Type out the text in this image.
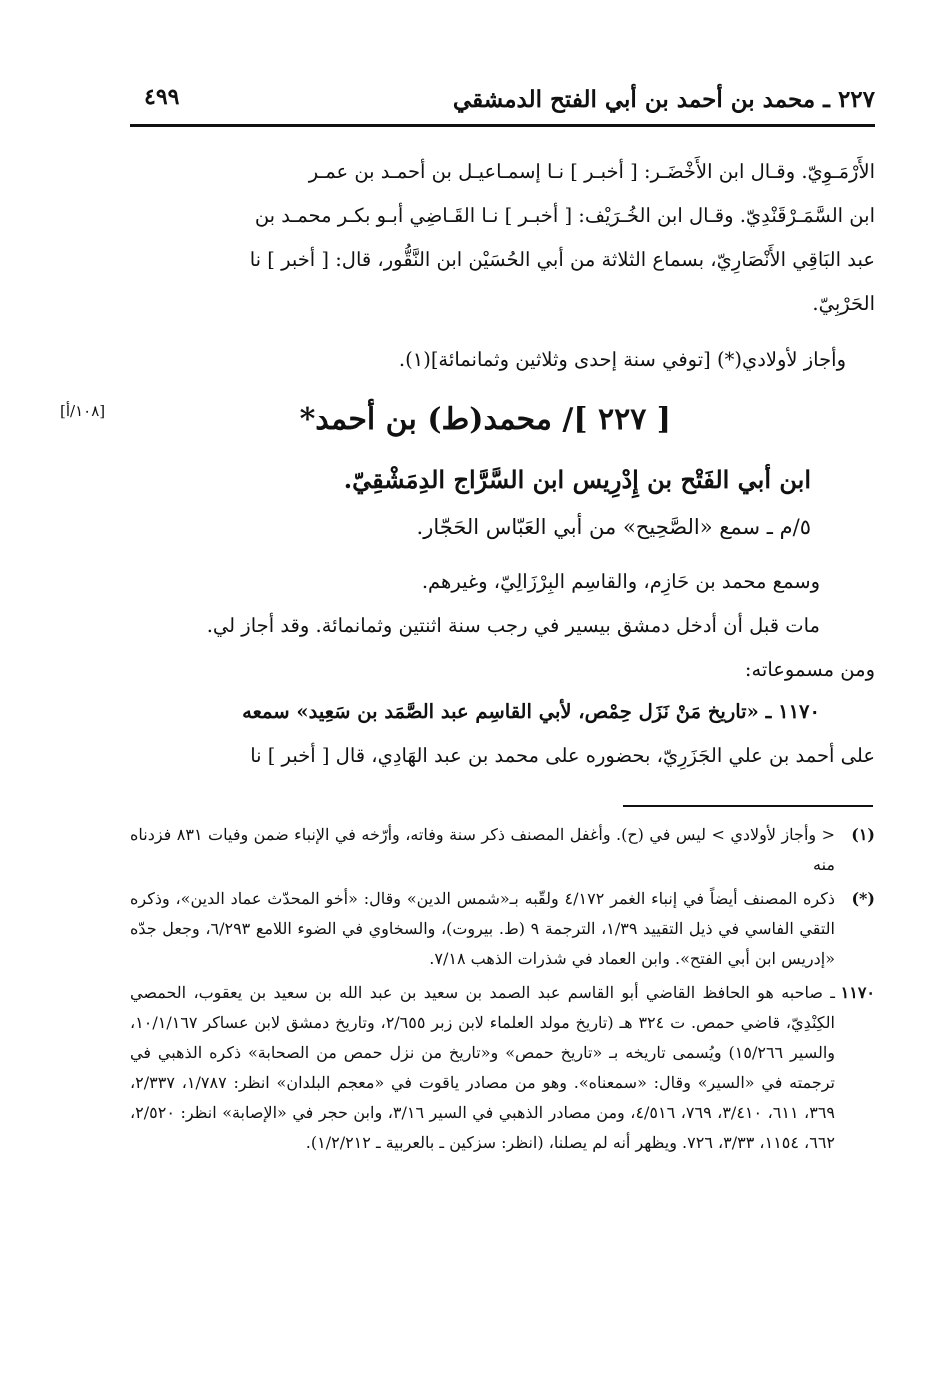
٢٢٧ ـ محمد بن أحمد بن أبي الفتح الدمشقي
٤٩٩
الأَرْمَـوِيّ. وقـال ابن الأَخْضَـر: [ أخبـر ] نـا إسمـاعيـل بن أحمـد بن عمـر
ابن السَّمَـرْقَنْدِيّ. وقـال ابن الخُـرَيْف: [ أخبـر ] نـا القَـاضِي أبـو بكـر محمـد بن
عبد البَاقِي الأَنْصَارِيّ، بسماع الثلاثة من أبي الحُسَيْن ابن النَّقُّور، قال: [ أخبر ] نا
الحَرْبِيّ.
وأجاز لأولادي(*) [توفي سنة إحدى وثلاثين وثمانمائة](١).
[ ٢٢٧ ]/ محمد(ط) بن أحمد*
[١٠٨/أ]
ابن أبي الفَتْح بن إِدْرِيس ابن السَّرَّاج الدِمَشْقِيّ.
٥/م ـ سمع «الصَّحِيح» من أبي العَبّاس الحَجّار.
وسمع محمد بن حَازِم، والقاسِم البِرْزَالِيّ، وغيرهم.
مات قبل أن أدخل دمشق بيسير في رجب سنة اثنتين وثمانمائة. وقد أجاز لي.
ومن مسموعاته:
١١٧٠ ـ «تاريخ مَنْ نَزَل حِمْص، لأبي القاسِم عبد الصَّمَد بن سَعِيد» سمعه
على أحمد بن علي الجَزَرِيّ، بحضوره على محمد بن عبد الهَادِي، قال [ أخبر ] نا
(١)
< وأجاز لأولادي > ليس في (ح). وأغفل المصنف ذكر سنة وفاته، وأرّخه في الإنباء ضمن وفيات ٨٣١ فزدناه منه
(*)
ذكره المصنف أيضاً في إنباء الغمر ٤/١٧٢ ولقّبه بـ«شمس الدين» وقال: «أخو المحدّث عماد الدين»، وذكره التقي الفاسي في ذيل التقييد ١/٣٩، الترجمة ٩ (ط. بيروت)، والسخاوي في الضوء اللامع ٦/٢٩٣، وجعل جدّه «إدريس ابن أبي الفتح». وابن العماد في شذرات الذهب ٧/١٨.
١١٧٠
ـ صاحبه هو الحافظ القاضي أبو القاسم عبد الصمد بن سعيد بن عبد الله بن سعيد بن يعقوب، الحمصي الكِنْدِيّ، قاضي حمص. ت ٣٢٤ هـ (تاريخ مولد العلماء لابن زبر ٢/٦٥٥، وتاريخ دمشق لابن عساكر ١٠/١/١٦٧، والسير ١٥/٢٦٦) ويُسمى تاريخه بـ «تاريخ حمص» و«تاريخ من نزل حمص من الصحابة» ذكره الذهبي في ترجمته في «السير» وقال: «سمعناه». وهو من مصادر ياقوت في «معجم البلدان» انظر: ١/٧٨٧، ٢/٣٣٧، ٣٦٩، ٦١١، ٣/٤١٠، ٧٦٩، ٤/٥١٦، ومن مصادر الذهبي في السير ٣/١٦، وابن حجر في «الإصابة» انظر: ٢/٥٢٠، ٦٦٢، ١١٥٤، ٣/٣٣، ٧٢٦. ويظهر أنه لم يصلنا، (انظر: سزكين ـ بالعربية ـ ١/٢/٢١٢).
